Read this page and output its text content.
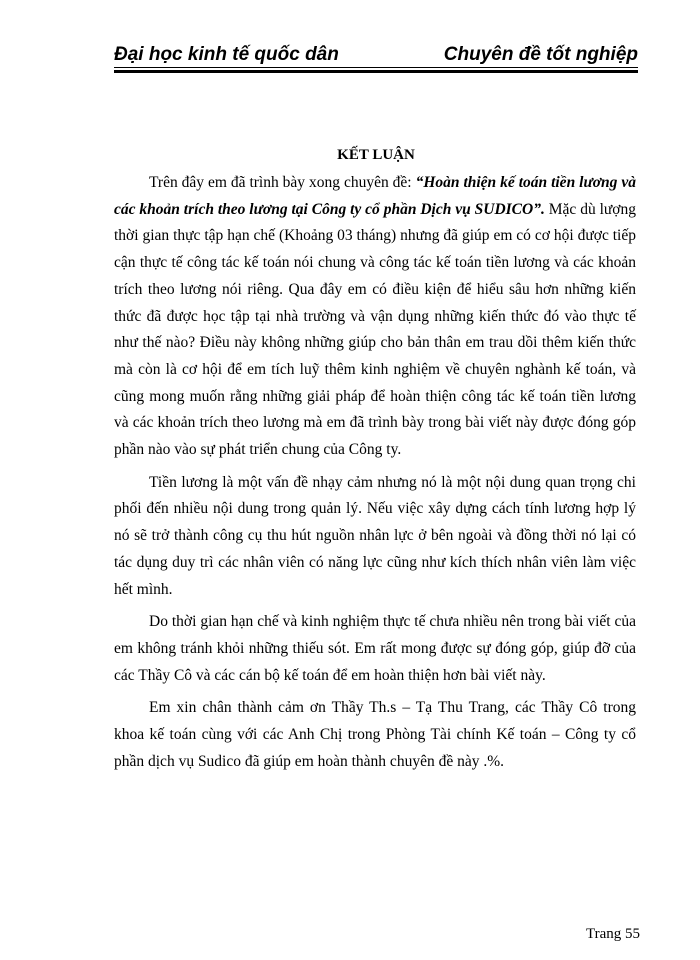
Đại học kinh tế quốc dân	Chuyên đề tốt nghiệp
KẾT LUẬN

Trên đây em đã trình bày xong chuyên đề: “Hoàn thiện kế toán tiền lương và các khoản trích theo lương tại Công ty cổ phần Dịch vụ SUDICO”. Mặc dù lượng thời gian thực tập hạn chế (Khoảng 03 tháng) nhưng đã giúp em có cơ hội được tiếp cận thực tế công tác kế toán nói chung và công tác kế toán tiền lương và các khoản trích theo lương nói riêng. Qua đây em có điều kiện để hiểu sâu hơn những kiến thức đã được học tập tại nhà trường và vận dụng những kiến thức đó vào thực tế như thế nào? Điều này không những giúp cho bản thân em trau dồi thêm kiến thức mà còn là cơ hội để em tích luỹ thêm kinh nghiệm về chuyên nghành kế toán, và cũng mong muốn rằng những giải pháp để hoàn thiện công tác kế toán tiền lương và các khoản trích theo lương mà em đã trình bày trong bài viết này được đóng góp phần nào vào sự phát triển chung của Công ty.

Tiền lương là một vấn đề nhạy cảm nhưng nó là một nội dung quan trọng chi phối đến nhiều nội dung trong quản lý. Nếu việc xây dựng cách tính lương hợp lý nó sẽ trở thành công cụ thu hút nguồn nhân lực ở bên ngoài và đồng thời nó lại có tác dụng duy trì các nhân viên có năng lực cũng như kích thích nhân viên làm việc hết mình.

Do thời gian hạn chế và kinh nghiệm thực tế chưa nhiều nên trong bài viết của em không tránh khỏi những thiếu sót. Em rất mong được sự đóng góp, giúp đỡ của các Thầy Cô và các cán bộ kế toán để em hoàn thiện hơn bài viết này.

Em xin chân thành cảm ơn Thầy Th.s – Tạ Thu Trang, các Thầy Cô trong khoa kế toán cùng với các Anh Chị trong Phòng Tài chính Kế toán – Công ty cổ phần dịch vụ Sudico đã giúp em hoàn thành chuyên đề này .%.

Trang 55
